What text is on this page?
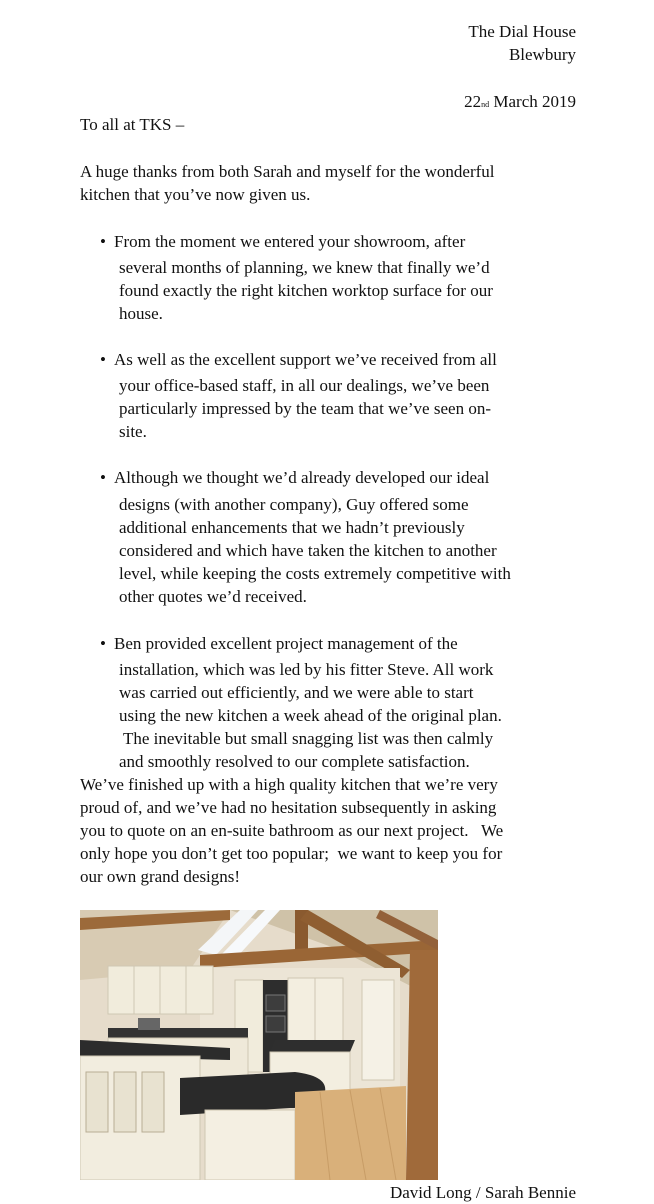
The Dial House
Blewbury
22nd March 2019
To all at TKS –
A huge thanks from both Sarah and myself for the wonderful
kitchen that you’ve now given us.
• From the moment we entered your showroom, after
several months of planning, we knew that finally we’d
found exactly the right kitchen worktop surface for our
house.
• As well as the excellent support we’ve received from all
your office-based staff, in all our dealings, we’ve been
particularly impressed by the team that we’ve seen on-
site.
• Although we thought we’d already developed our ideal
designs (with another company), Guy offered some
additional enhancements that we hadn’t previously
considered and which have taken the kitchen to another
level, while keeping the costs extremely competitive with
other quotes we’d received.
• Ben provided excellent project management of the
installation, which was led by his fitter Steve. All work
was carried out efficiently, and we were able to start
using the new kitchen a week ahead of the original plan.
The inevitable but small snagging list was then calmly
and smoothly resolved to our complete satisfaction.
We’ve finished up with a high quality kitchen that we’re very
proud of, and we’ve had no hesitation subsequently in asking
you to quote on an en-suite bathroom as our next project.   We
only hope you don’t get too popular;  we want to keep you for
our own grand designs!
David Long / Sarah Bennie
